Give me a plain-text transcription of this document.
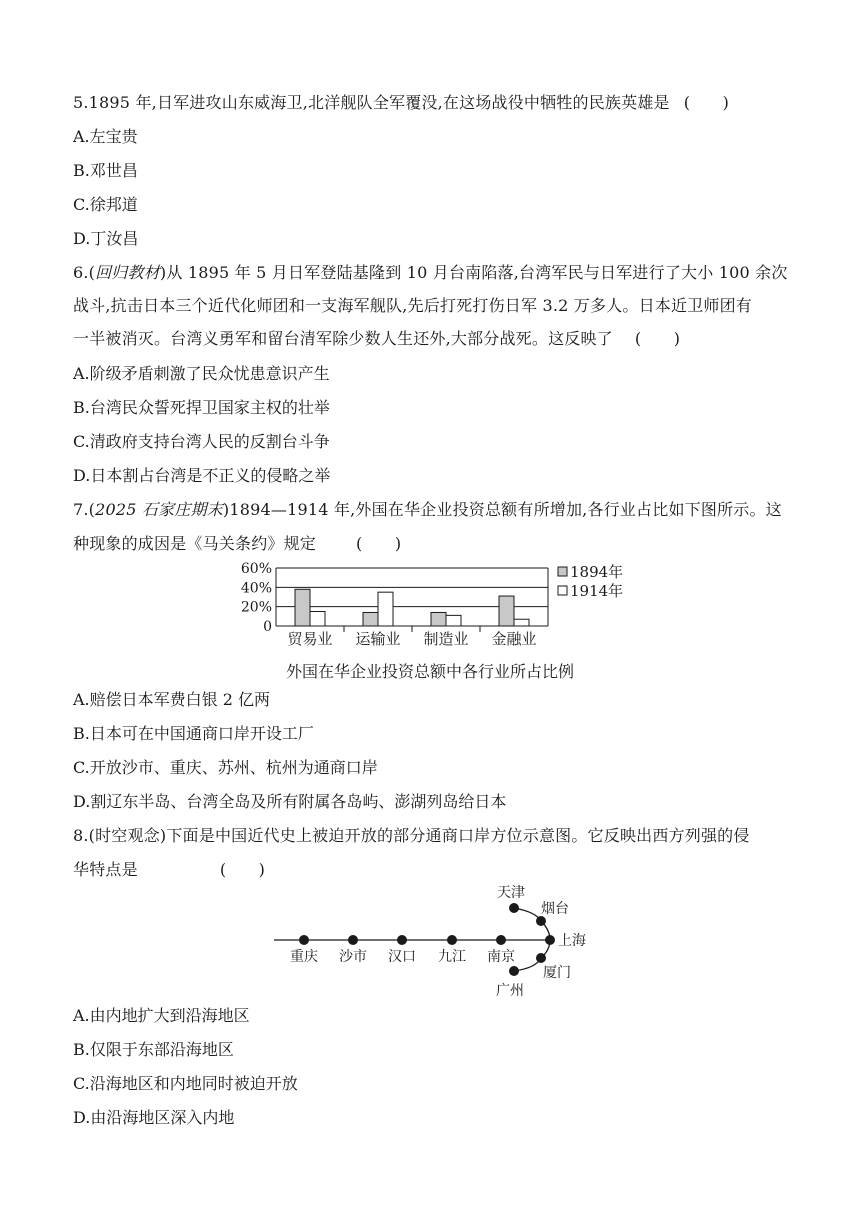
5.1895 年,日军进攻山东威海卫,北洋舰队全军覆没,在这场战役中牺牲的民族英雄是 (　　)
A.左宝贵
B.邓世昌
C.徐邦道
D.丁汝昌
6.(回归教材)从 1895 年 5 月日军登陆基隆到 10 月台南陷落,台湾军民与日军进行了大小 100 余次
战斗,抗击日本三个近代化师团和一支海军舰队,先后打死打伤日军 3.2 万多人。日本近卫师团有
一半被消灭。台湾义勇军和留台清军除少数人生还外,大部分战死。这反映了 (　　)
A.阶级矛盾刺激了民众忧患意识产生
B.台湾民众誓死捍卫国家主权的壮举
C.清政府支持台湾人民的反割台斗争
D.日本割占台湾是不正义的侵略之举
7.(2025 石家庄期末)1894—1914 年,外国在华企业投资总额有所增加,各行业占比如下图所示。这
种现象的成因是《马关条约》规定	(　　)
60%
40%
20%
0
贸易业 运输业 制造业 金融业
1894年
1914年
外国在华企业投资总额中各行业所占比例
A.赔偿日本军费白银 2 亿两
B.日本可在中国通商口岸开设工厂
C.开放沙市、重庆、苏州、杭州为通商口岸
D.割辽东半岛、台湾全岛及所有附属各岛屿、澎湖列岛给日本
8.(时空观念)下面是中国近代史上被迫开放的部分通商口岸方位示意图。它反映出西方列强的侵
华特点是	(　　)
重庆 沙市 汉口 九江 南京
天津
烟台
上海
厦门
广州
A.由内地扩大到沿海地区
B.仅限于东部沿海地区
C.沿海地区和内地同时被迫开放
D.由沿海地区深入内地
